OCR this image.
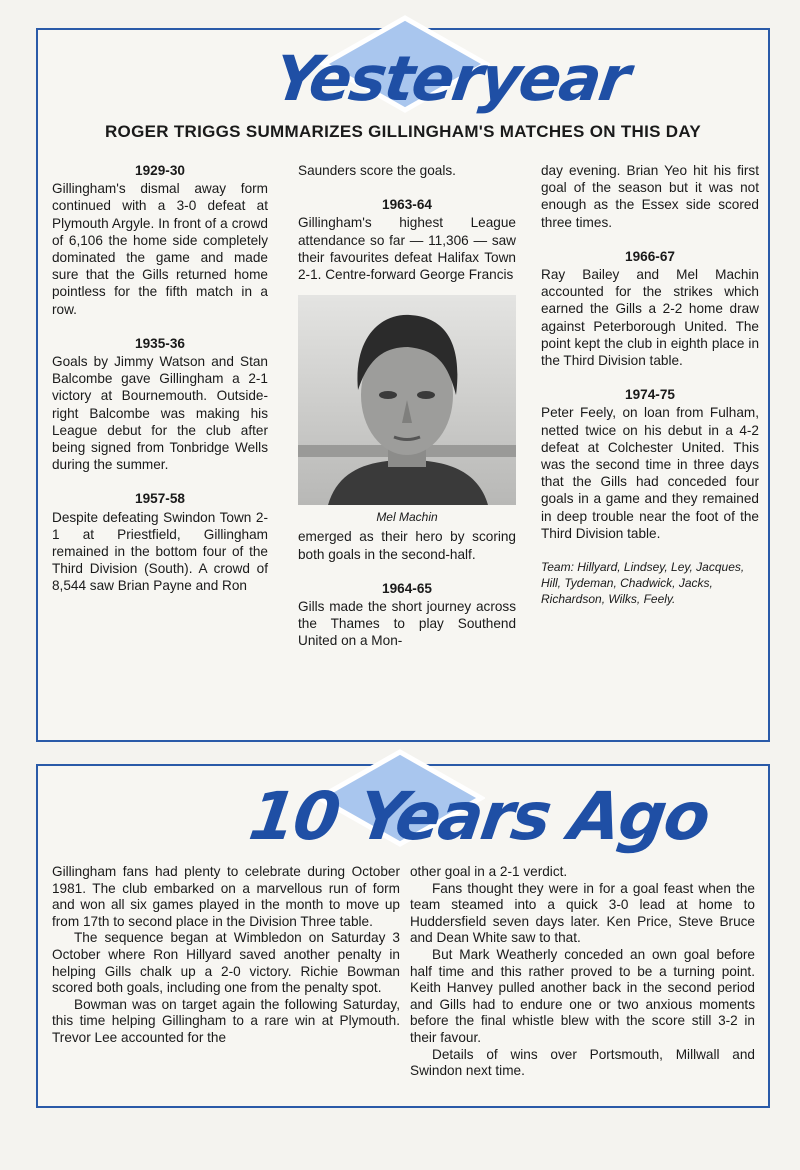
Yesteryear
ROGER TRIGGS SUMMARIZES GILLINGHAM'S MATCHES ON THIS DAY

1929-30

Gillingham's dismal away form continued with a 3-0 defeat at Plymouth Argyle. In front of a crowd of 6,106 the home side completely dominated the game and made sure that the Gills returned home pointless for the fifth match in a row.

1935-36

Goals by Jimmy Watson and Stan Balcombe gave Gillingham a 2-1 victory at Bournemouth. Outside-right Balcombe was making his League debut for the club after being signed from Tonbridge Wells during the summer.

1957-58

Despite defeating Swindon Town 2-1 at Priestfield, Gillingham remained in the bottom four of the Third Division (South). A crowd of 8,544 saw Brian Payne and Ron

Saunders score the goals.

1963-64

Gillingham's highest League attendance so far — 11,306 — saw their favourites defeat Halifax Town 2-1. Centre-forward George Francis

Mel Machin

emerged as their hero by scoring both goals in the second-half.

1964-65

Gills made the short journey across the Thames to play Southend United on a Mon-

day evening. Brian Yeo hit his first goal of the season but it was not enough as the Essex side scored three times.

1966-67

Ray Bailey and Mel Machin accounted for the strikes which earned the Gills a 2-2 home draw against Peterborough United. The point kept the club in eighth place in the Third Division table.

1974-75

Peter Feely, on loan from Fulham, netted twice on his debut in a 4-2 defeat at Colchester United. This was the second time in three days that the Gills had conceded four goals in a game and they remained in deep trouble near the foot of the Third Division table.

Team: Hillyard, Lindsey, Ley, Jacques, Hill, Tydeman, Chadwick, Jacks, Richardson, Wilks, Feely.

10 Years Ago

Gillingham fans had plenty to celebrate during October 1981. The club embarked on a marvellous run of form and won all six games played in the month to move up from 17th to second place in the Division Three table.

The sequence began at Wimbledon on Saturday 3 October where Ron Hillyard saved another penalty in helping Gills chalk up a 2-0 victory. Richie Bowman scored both goals, including one from the penalty spot.

Bowman was on target again the following Saturday, this time helping Gillingham to a rare win at Plymouth. Trevor Lee accounted for the

other goal in a 2-1 verdict.

Fans thought they were in for a goal feast when the team steamed into a quick 3-0 lead at home to Huddersfield seven days later. Ken Price, Steve Bruce and Dean White saw to that.

But Mark Weatherly conceded an own goal before half time and this rather proved to be a turning point. Keith Hanvey pulled another back in the second period and Gills had to endure one or two anxious moments before the final whistle blew with the score still 3-2 in their favour.

Details of wins over Portsmouth, Millwall and Swindon next time.
